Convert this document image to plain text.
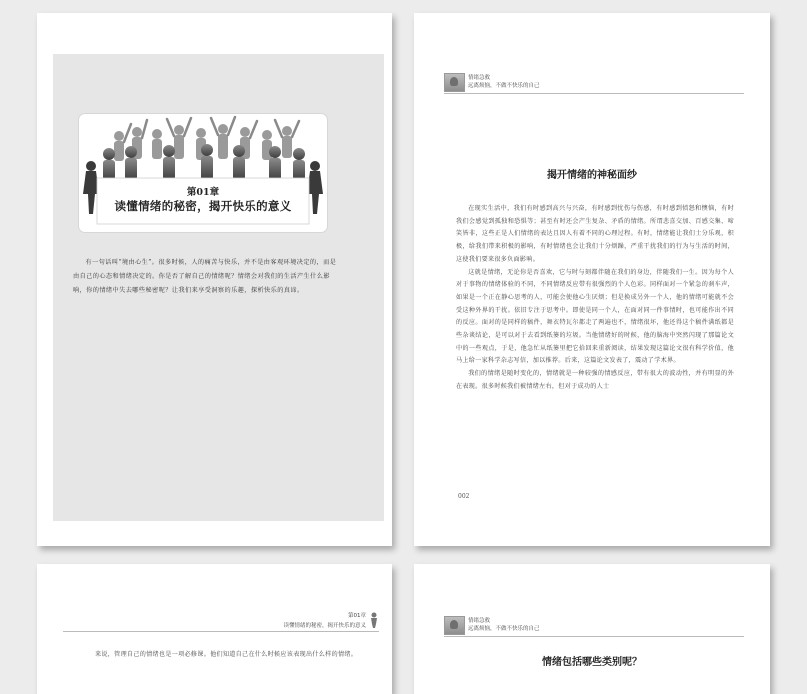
第01章
读懂情绪的秘密，揭开快乐的意义

有一句话叫“境由心生”。很多时候，人的痛苦与快乐，并不是由客观环境决定的，而是由自己的心态和情绪决定的。你是否了解自己的情绪呢？情绪会对我们的生活产生什么影响，你的情绪中失去哪些秘密呢？让我们来享受洞察的乐趣，探析快乐的真谛。

情绪急救
远离烦恼，不做不快乐的自己
揭开情绪的神秘面纱

在现实生活中，我们有时感到高兴与兴奋，有时感到忧伤与伤感，有时感到愤怒和懊恼，有时我们会感觉到孤独和恐惧等；甚至有时还会产生复杂、矛盾的情绪。所谓悲喜交加、百感交集、啼笑皆非，这些正是人们情绪的表达且因人有着不同的心理过程。有时，情绪能让我们士分乐观，积极，给我们带来积极的影响，有时情绪也会让我们十分烦躁，严重干扰我们的行为与生活的时间，这使我们要来很多负面影响。

这就是情绪，无论你是否喜欢，它与时与刻都伴随在我们的身边，伴随我们一生。因为每个人对于事物的情绪体验的不同，不同情绪反应带有很强烈的个人色彩。同样面对一个紧急的刹车声，如果是一个正在静心思考的人，可能会使他心生厌烦；但是换成另外一个人，他的情绪可能就不会受这种外界的干扰。依旧专注于思考中。即使是同一个人，在面对同一件事情时，也可能作出不同的反应。面对的是同样的稿件，舞衣特瓦尔都走了两遍也不，情绪很坏，他还得这个稿件满纸都是些杂谈结论，是可以对于去看到纸篓的垃圾。当他情绪好的时候，他的脑海中突然闪现了那篇论文中的一些观点，于是，他急忙从纸篓里把它拾回来重新阅读，结果发现这篇论文很有科学价值，他马上给一家科学杂志写信，加以推荐。后来，这篇论文发表了，震动了学术界。

我们的情绪是随时变化的，情绪就是一种较强的情感反应，带有很大的波动性，并有明显的外在表现。很多时候我们被情绪左右，但对于成功的人士

002
第01章
读懂情绪的秘密，揭开快乐的意义

来说，管理自己的情绪也是一项必修课。他们知道自己在什么时候应该表现出什么样的情绪。

情绪急救
远离烦恼，不做不快乐的自己
情绪包括哪些类别呢？
